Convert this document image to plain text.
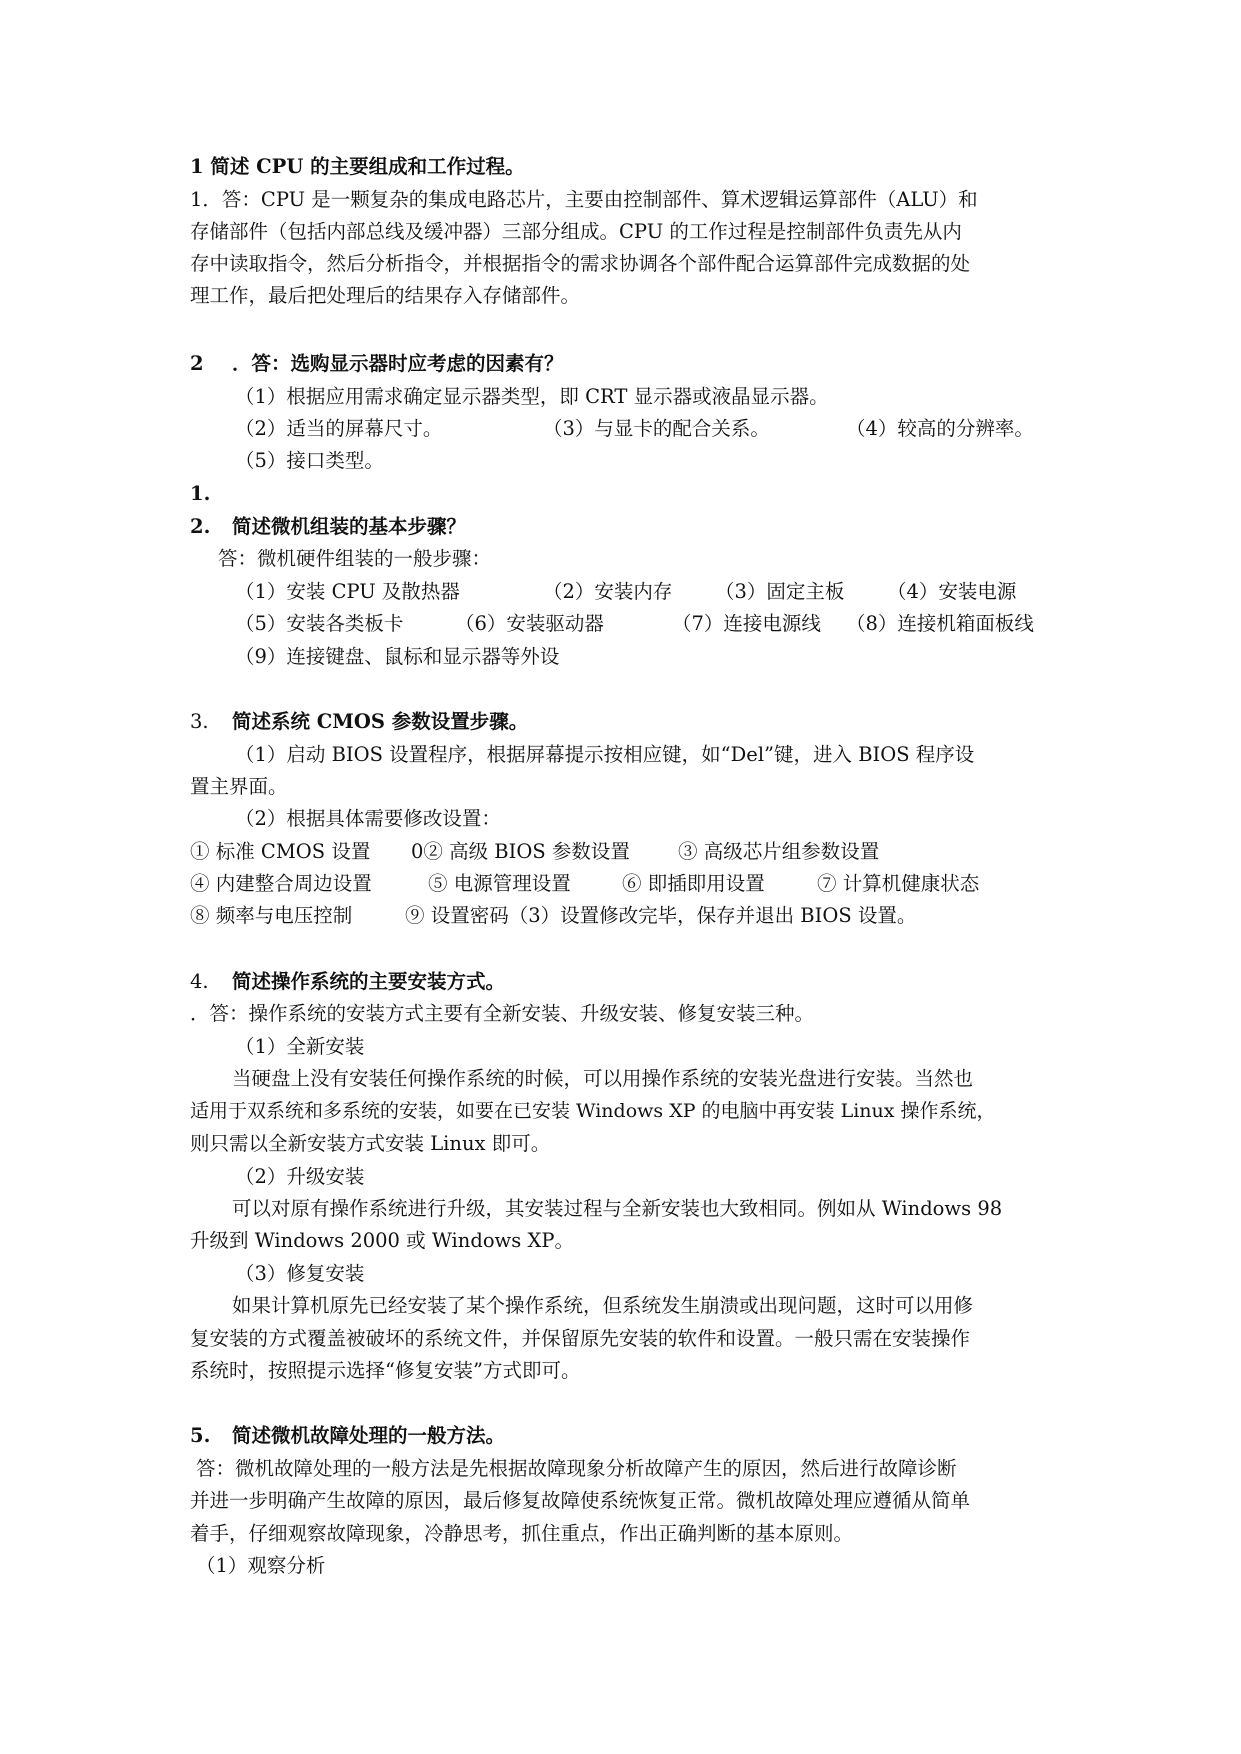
1 简述 CPU 的主要组成和工作过程。
1．答：CPU 是一颗复杂的集成电路芯片，主要由控制部件、算术逻辑运算部件（ALU）和
存储部件（包括内部总线及缓冲器）三部分组成。CPU 的工作过程是控制部件负责先从内
存中读取指令，然后分析指令，并根据指令的需求协调各个部件配合运算部件完成数据的处
理工作，最后把处理后的结果存入存储部件。
2 ．答：选购显示器时应考虑的因素有？
（1）根据应用需求确定显示器类型，即 CRT 显示器或液晶显示器。
（2）适当的屏幕尺寸。	（3）与显卡的配合关系。	（4）较高的分辨率。
（5）接口类型。
1.
2. 简述微机组装的基本步骤？
答：微机硬件组装的一般步骤：
（1）安装 CPU 及散热器	（2）安装内存 （3）固定主板 （4）安装电源
（5）安装各类板卡	（6）安装驱动器	（7）连接电源线 （8）连接机箱面板线
（9）连接键盘、鼠标和显示器等外设
3. 简述系统 CMOS 参数设置步骤。
（1）启动 BIOS 设置程序，根据屏幕提示按相应键，如“Del”键，进入 BIOS 程序设
置主界面。
（2）根据具体需要修改设置：
① 标准 CMOS 设置 0② 高级 BIOS 参数设置 ③ 高级芯片组参数设置
④ 内建整合周边设置	⑤ 电源管理设置	⑥ 即插即用设置	⑦ 计算机健康状态
⑧ 频率与电压控制	⑨ 设置密码（3）设置修改完毕，保存并退出 BIOS 设置。
4. 简述操作系统的主要安装方式。
．答：操作系统的安装方式主要有全新安装、升级安装、修复安装三种。
（1）全新安装
当硬盘上没有安装任何操作系统的时候，可以用操作系统的安装光盘进行安装。当然也
适用于双系统和多系统的安装，如要在已安装 Windows XP 的电脑中再安装 Linux 操作系统，
则只需以全新安装方式安装 Linux 即可。
（2）升级安装
可以对原有操作系统进行升级，其安装过程与全新安装也大致相同。例如从 Windows 98
升级到 Windows 2000 或 Windows XP。
（3）修复安装
如果计算机原先已经安装了某个操作系统，但系统发生崩溃或出现问题，这时可以用修
复安装的方式覆盖被破坏的系统文件，并保留原先安装的软件和设置。一般只需在安装操作
系统时，按照提示选择“修复安装”方式即可。
5. 简述微机故障处理的一般方法。
答：微机故障处理的一般方法是先根据故障现象分析故障产生的原因，然后进行故障诊断
并进一步明确产生故障的原因，最后修复故障使系统恢复正常。微机故障处理应遵循从简单
着手，仔细观察故障现象，冷静思考，抓住重点，作出正确判断的基本原则。
（1）观察分析
